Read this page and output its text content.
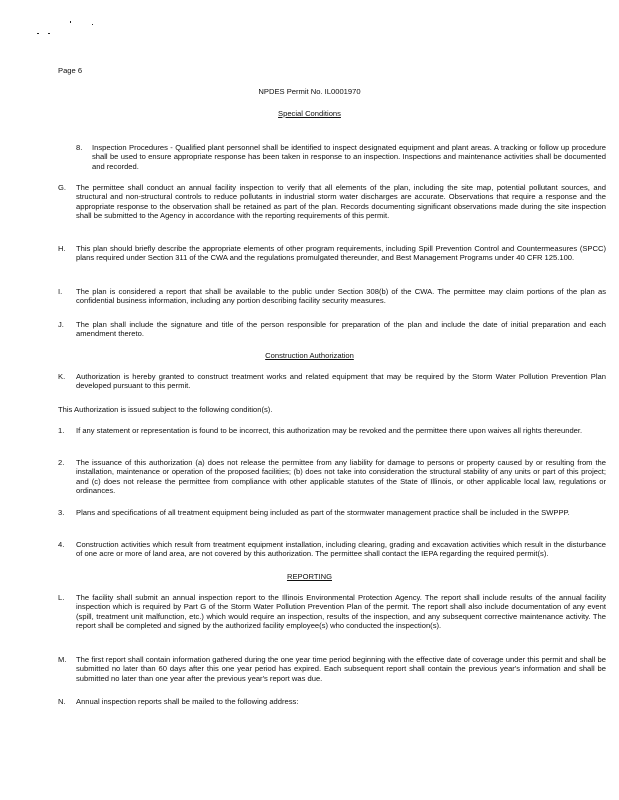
Page 6
NPDES Permit No. IL0001970
Special Conditions
8. Inspection Procedures - Qualified plant personnel shall be identified to inspect designated equipment and plant areas. A tracking or follow up procedure shall be used to ensure appropriate response has been taken in response to an inspection. Inspections and maintenance activities shall be documented and recorded.
G. The permittee shall conduct an annual facility inspection to verify that all elements of the plan, including the site map, potential pollutant sources, and structural and non-structural controls to reduce pollutants in industrial storm water discharges are accurate. Observations that require a response and the appropriate response to the observation shall be retained as part of the plan. Records documenting significant observations made during the site inspection shall be submitted to the Agency in accordance with the reporting requirements of this permit.
H. This plan should briefly describe the appropriate elements of other program requirements, including Spill Prevention Control and Countermeasures (SPCC) plans required under Section 311 of the CWA and the regulations promulgated thereunder, and Best Management Programs under 40 CFR 125.100.
I. The plan is considered a report that shall be available to the public under Section 308(b) of the CWA. The permittee may claim portions of the plan as confidential business information, including any portion describing facility security measures.
J. The plan shall include the signature and title of the person responsible for preparation of the plan and include the date of initial preparation and each amendment thereto.
Construction Authorization
K. Authorization is hereby granted to construct treatment works and related equipment that may be required by the Storm Water Pollution Prevention Plan developed pursuant to this permit.
This Authorization is issued subject to the following condition(s).
1. If any statement or representation is found to be incorrect, this authorization may be revoked and the permittee there upon waives all rights thereunder.
2. The issuance of this authorization (a) does not release the permittee from any liability for damage to persons or property caused by or resulting from the installation, maintenance or operation of the proposed facilities; (b) does not take into consideration the structural stability of any units or part of this project; and (c) does not release the permittee from compliance with other applicable statutes of the State of Illinois, or other applicable local law, regulations or ordinances.
3. Plans and specifications of all treatment equipment being included as part of the stormwater management practice shall be included in the SWPPP.
4. Construction activities which result from treatment equipment installation, including clearing, grading and excavation activities which result in the disturbance of one acre or more of land area, are not covered by this authorization. The permittee shall contact the IEPA regarding the required permit(s).
REPORTING
L. The facility shall submit an annual inspection report to the Illinois Environmental Protection Agency. The report shall include results of the annual facility inspection which is required by Part G of the Storm Water Pollution Prevention Plan of the permit. The report shall also include documentation of any event (spill, treatment unit malfunction, etc.) which would require an inspection, results of the inspection, and any subsequent corrective maintenance activity. The report shall be completed and signed by the authorized facility employee(s) who conducted the inspection(s).
M. The first report shall contain information gathered during the one year time period beginning with the effective date of coverage under this permit and shall be submitted no later than 60 days after this one year period has expired. Each subsequent report shall contain the previous year's information and shall be submitted no later than one year after the previous year's report was due.
N. Annual inspection reports shall be mailed to the following address:
